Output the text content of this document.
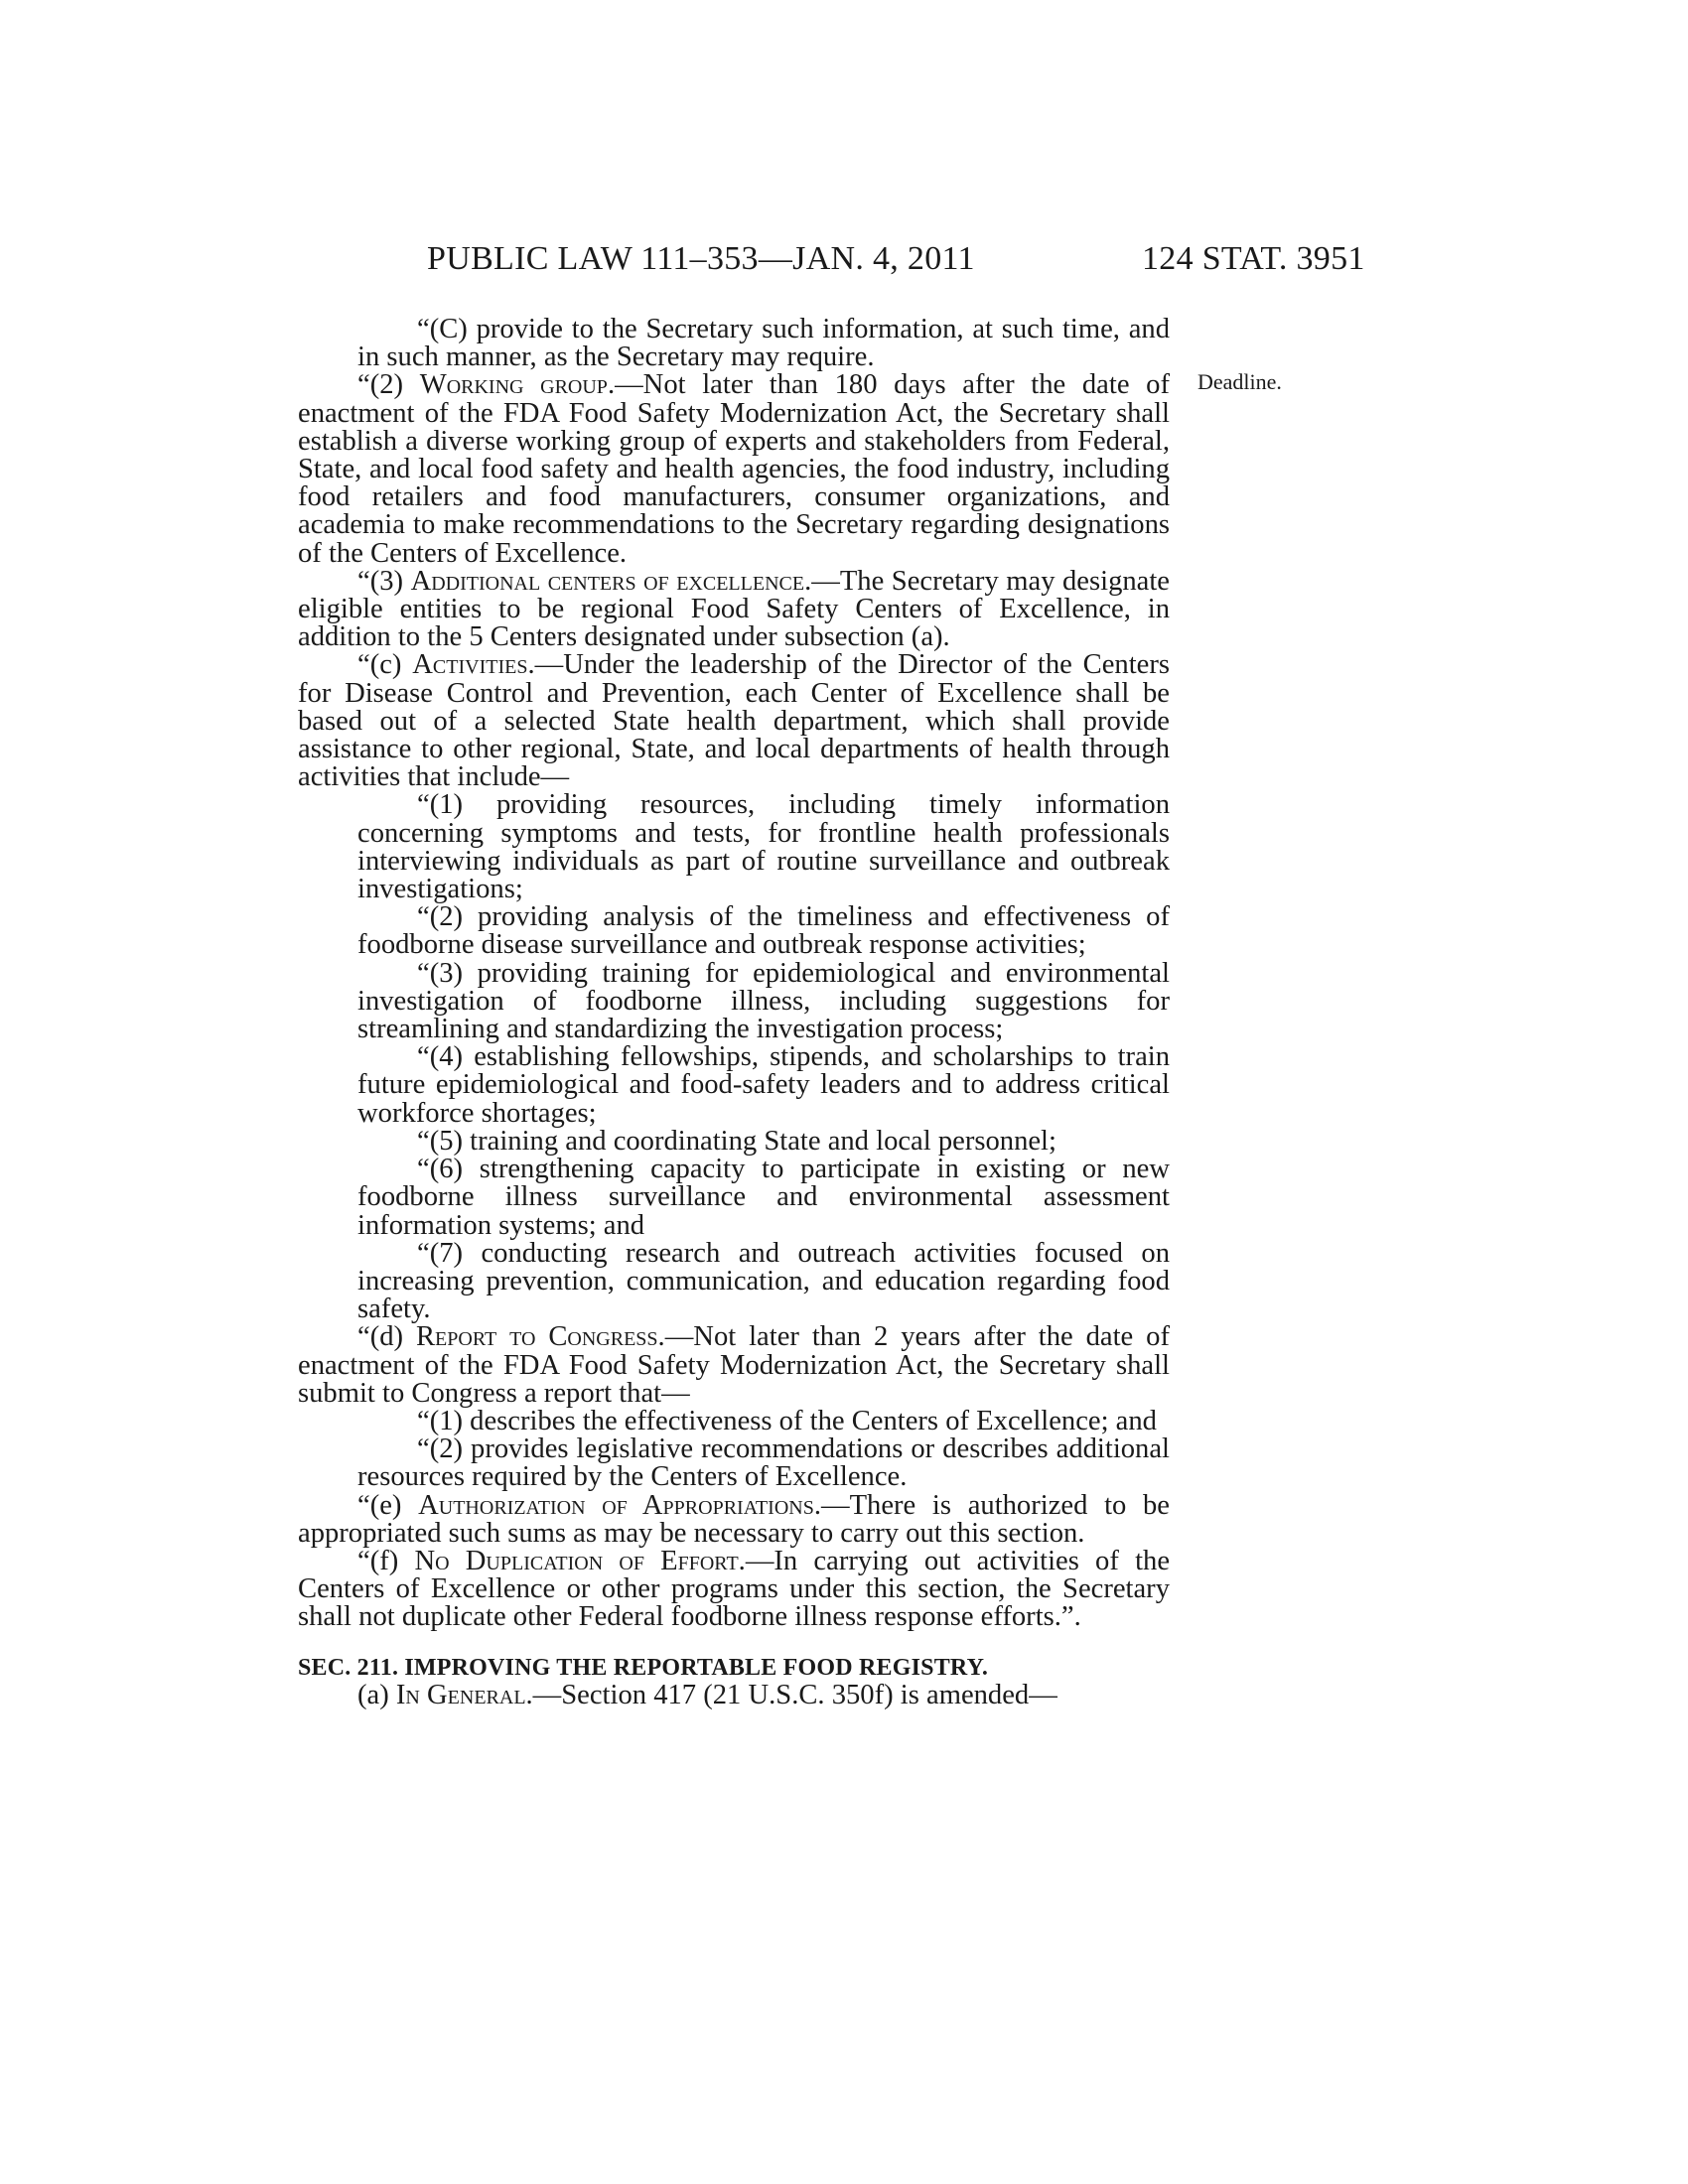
PUBLIC LAW 111–353—JAN. 4, 2011	124 STAT. 3951
Deadline.

“(C) provide to the Secretary such information, at such time, and in such manner, as the Secretary may require.

“(2) Working group.—Not later than 180 days after the date of enactment of the FDA Food Safety Modernization Act, the Secretary shall establish a diverse working group of experts and stakeholders from Federal, State, and local food safety and health agencies, the food industry, including food retailers and food manufacturers, consumer organizations, and academia to make recommendations to the Secretary regarding designations of the Centers of Excellence.

“(3) Additional centers of excellence.—The Secretary may designate eligible entities to be regional Food Safety Centers of Excellence, in addition to the 5 Centers designated under subsection (a).

“(c) Activities.—Under the leadership of the Director of the Centers for Disease Control and Prevention, each Center of Excellence shall be based out of a selected State health department, which shall provide assistance to other regional, State, and local departments of health through activities that include—

“(1) providing resources, including timely information concerning symptoms and tests, for frontline health professionals interviewing individuals as part of routine surveillance and outbreak investigations;

“(2) providing analysis of the timeliness and effectiveness of foodborne disease surveillance and outbreak response activities;

“(3) providing training for epidemiological and environmental investigation of foodborne illness, including suggestions for streamlining and standardizing the investigation process;

“(4) establishing fellowships, stipends, and scholarships to train future epidemiological and food-safety leaders and to address critical workforce shortages;

“(5) training and coordinating State and local personnel;

“(6) strengthening capacity to participate in existing or new foodborne illness surveillance and environmental assessment information systems; and

“(7) conducting research and outreach activities focused on increasing prevention, communication, and education regarding food safety.

“(d) Report to Congress.—Not later than 2 years after the date of enactment of the FDA Food Safety Modernization Act, the Secretary shall submit to Congress a report that—

“(1) describes the effectiveness of the Centers of Excellence; and

“(2) provides legislative recommendations or describes additional resources required by the Centers of Excellence.

“(e) Authorization of Appropriations.—There is authorized to be appropriated such sums as may be necessary to carry out this section.

“(f) No Duplication of Effort.—In carrying out activities of the Centers of Excellence or other programs under this section, the Secretary shall not duplicate other Federal foodborne illness response efforts.”.

SEC. 211. IMPROVING THE REPORTABLE FOOD REGISTRY.

(a) In General.—Section 417 (21 U.S.C. 350f) is amended—
